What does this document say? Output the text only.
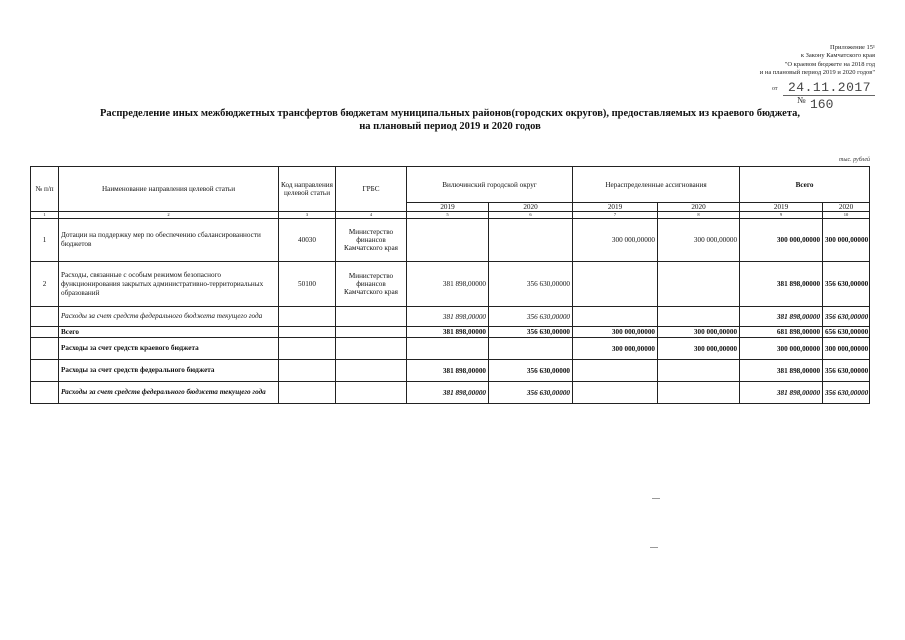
Приложение 15¹
к Закону Камчатского края
"О краевом бюджете на 2018 год
и на плановый период 2019 и 2020 годов"
от 24.11.2017
№ 160
Распределение иных межбюджетных трансфертов бюджетам муниципальных районов(городских округов), предоставляемых из краевого бюджета,
на плановый период 2019 и 2020 годов
тыс. рублей
№ п/п	Наименование направления целевой статьи	Код направления целевой статьи	ГРБС	Вилючинский городской округ		Нераспределенные ассигнования		Всего	
				2019	2020	2019	2020	2019	2020
1	2	3	4	5	6	7	8	9	10
1	Дотации на поддержку мер по обеспечению сбалансированности бюджетов	40030	Министерство финансов Камчатского края			300 000,00000	300 000,00000	300 000,00000	300 000,00000
2	Расходы, связанные с особым режимом безопасного функционирования закрытых административно-территориальных образований	50100	Министерство финансов Камчатского края	381 898,00000	356 630,00000			381 898,00000	356 630,00000
	Расходы за счет средств федерального бюджета текущего года			381 898,00000	356 630,00000			381 898,00000	356 630,00000
	Всего			381 898,00000	356 630,00000	300 000,00000	300 000,00000	681 898,00000	656 630,00000
	Расходы за счет средств краевого бюджета					300 000,00000	300 000,00000	300 000,00000	300 000,00000
	Расходы за счет средств федерального бюджета			381 898,00000	356 630,00000			381 898,00000	356 630,00000
	Расходы за счет средств федерального бюджета текущего года			381 898,00000	356 630,00000			381 898,00000	356 630,00000
